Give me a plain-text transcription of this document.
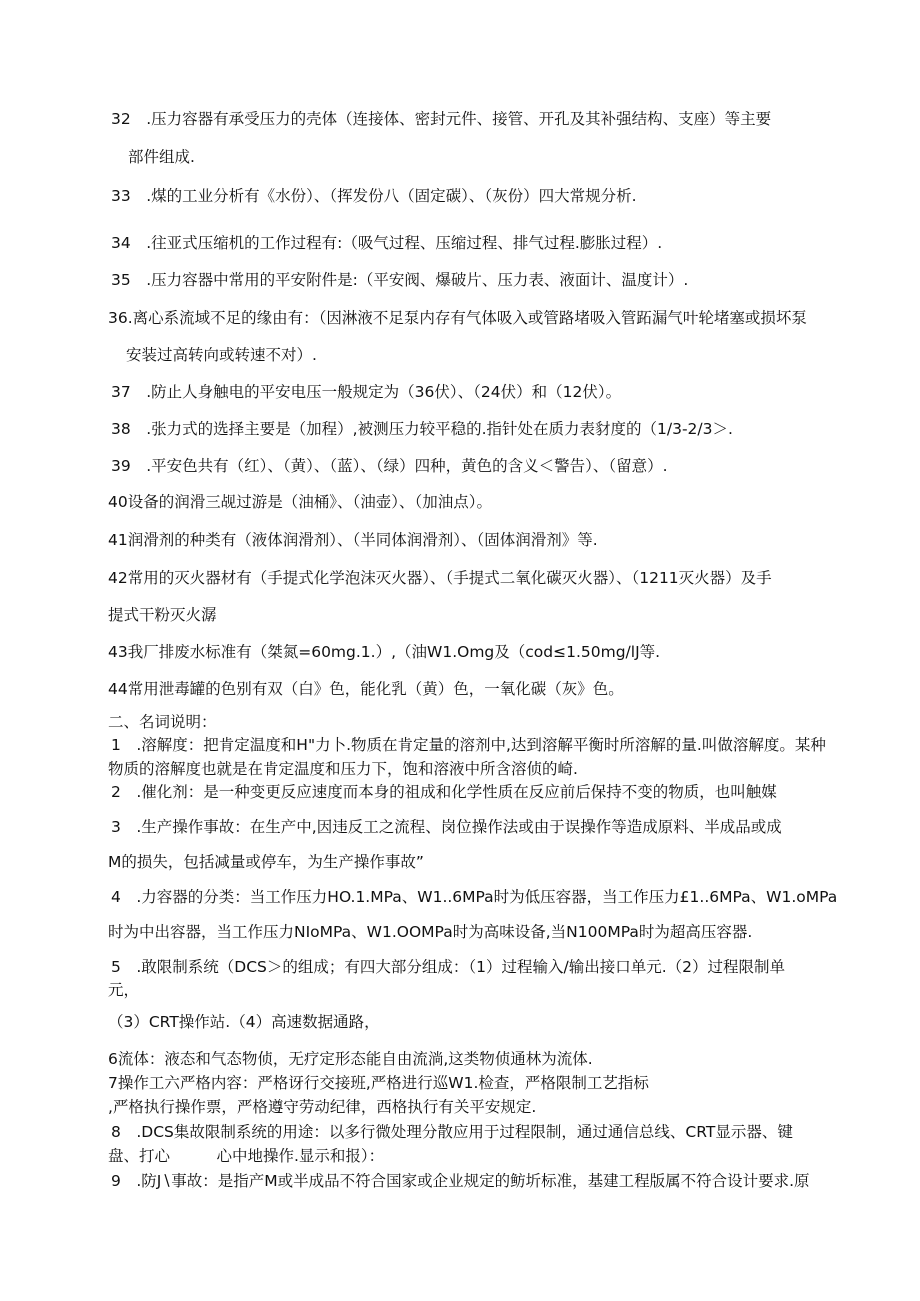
32　.压力容器有承受压力的壳体（连接体、密封元件、接管、开孔及其补强结构、支座）等主要
部件组成.
33　.煤的工业分析有《水份）、（挥发份八（固定碳）、（灰份）四大常规分析.
34　.往亚式压缩机的工作过程有:（吸气过程、压缩过程、排气过程.膨胀过程）.
35　.压力容器中常用的平安附件是:（平安阀、爆破片、压力表、液面计、温度计）.
36.离心系流域不足的缘由有：（因淋液不足泵内存有气体吸入或管路堵吸入管跖漏气叶轮堵塞或损坏泵
安装过高转向或转速不对）.
37　.防止人身触电的平安电压一般规定为（36伏）、（24伏）和（12伏）。
38　.张力式的选择主要是（加程）,被测压力较平稳的.指针处在质力表豺度的（1∕3-2∕3＞.
39　.平安色共有（红）、（黄）、（蓝）、（绿）四种，黄色的含义＜警告）、（留意）.
40设备的润滑三觇过游是（油桶》、（油壶）、（加油点）。
41润滑剂的种类有（液体润滑剂）、（半同体润滑剂）、（固体润滑剂》等.
42常用的灭火器材有（手提式化学泡沫灭火器）、（手提式二氧化碳灭火器）、（1211灭火器）及手
提式干粉灭火潺
43我厂排废水标准有（桀氮=60mg.1.）,（油W1.Omg及（cod≤1.50mg∕lJ等.
44常用泄毒罐的色别有双（白》色，能化乳（黄）色，一氧化碳（灰》色。
二、名词说明：
1　.溶解度：把肯定温度和H"力卜.物质在肯定量的溶剂中,达到溶解平衡时所溶解的量.叫做溶解度。某种
物质的溶解度也就是在肯定温度和压力下，饱和溶液中所含溶侦的崎.
2　.催化剂：是一种变更反应速度而本身的祖成和化学性质在反应前后保持不变的物质，也叫触媒
3　.生产操作事故：在生产中,因违反工之流程、岗位操作法或由于误操作等造成原料、半成品或成
M的损失，包括减量或停车，为生产操作事故”
4　.力容器的分类：当工作压力HO.1.MPa、W1..6MPa时为低压容器，当工作压力£1..6MPa、W1.oMPa
时为中出容器，当工作压力NIoMPa、W1.OOMPa时为高味设备,当N100MPa时为超高压容器.
5　.敢限制系统（DCS＞的组成；有四大部分组成：（1）过程输入∕输出接口单元.（2）过程限制单
元，
（3）CRT操作站.（4）高速数据通路，
6流体：液态和气态物侦，无疗定形态能自由流淌,这类物侦通林为流体.
7操作工六严格内容：严格讶行交接班,严格进行巡W1.检查，严格限制工艺指标
,严格执行操作票，严格遵守劳动纪律，西格执行有关平安规定.
8　.DCS集故限制系统的用途：以多行微处理分散应用于过程限制，通过通信总线、CRT显示器、键
盘、打心　　　心中地操作.显示和报）：
9　.防J∖事故：是指产M或半成品不符合国家或企业规定的鲂圻标准，基建工程版属不符合设计要求.原
